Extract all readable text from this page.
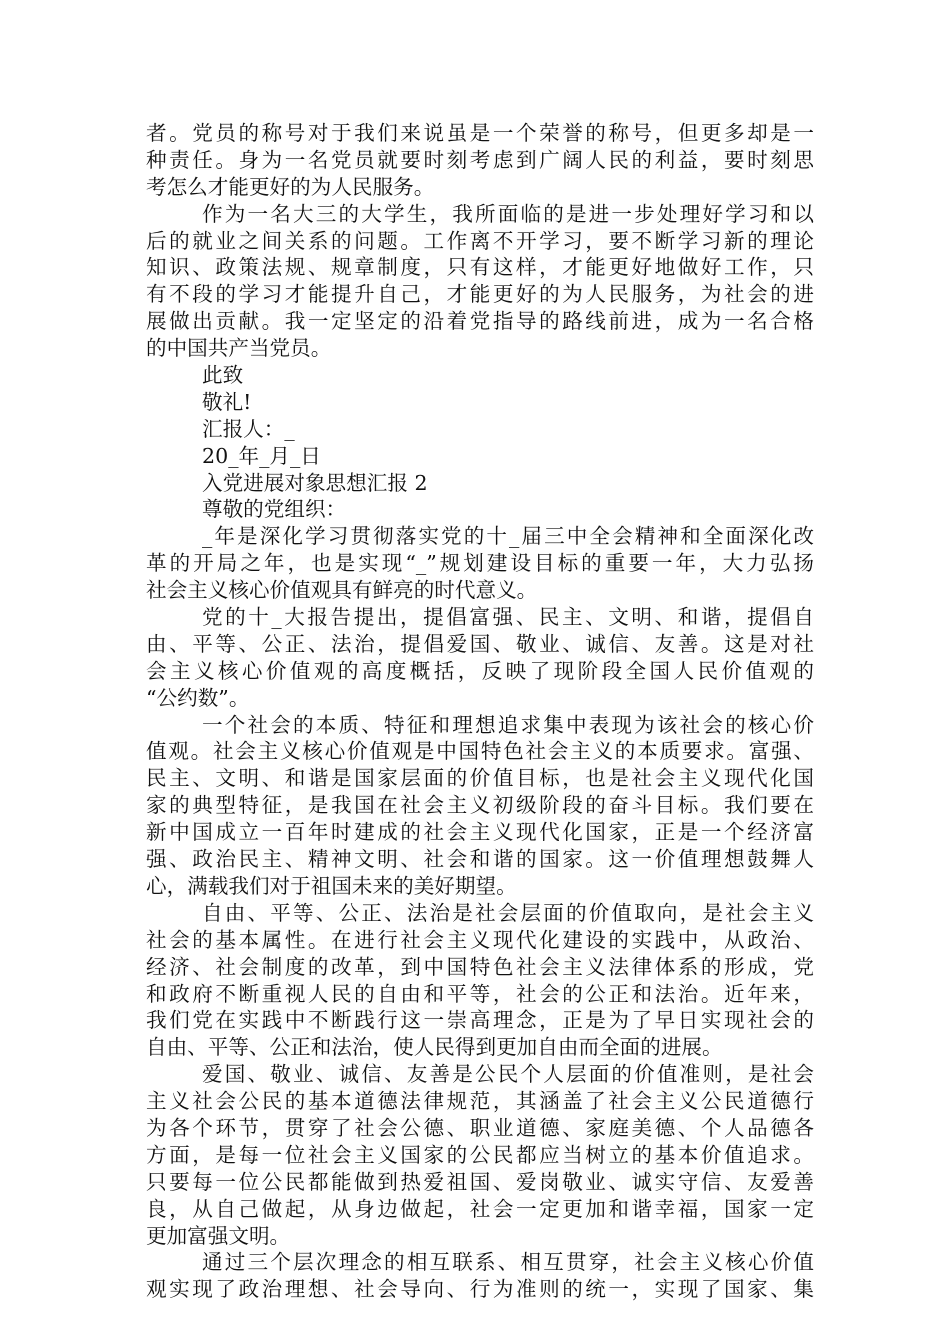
者。党员的称号对于我们来说虽是一个荣誉的称号，但更多却是一
种责任。身为一名党员就要时刻考虑到广阔人民的利益，要时刻思
考怎么才能更好的为人民服务。
作为一名大三的大学生，我所面临的是进一步处理好学习和以
后的就业之间关系的问题。工作离不开学习，要不断学习新的理论
知识、政策法规、规章制度，只有这样，才能更好地做好工作，只
有不段的学习才能提升自己，才能更好的为人民服务，为社会的进
展做出贡献。我一定坚定的沿着党指导的路线前进，成为一名合格
的中国共产当党员。
此致
敬礼!
汇报人：_
20_年_月_日
入党进展对象思想汇报 2
尊敬的党组织：
_年是深化学习贯彻落实党的十_届三中全会精神和全面深化改
革的开局之年，也是实现“_”规划建设目标的重要一年，大力弘扬
社会主义核心价值观具有鲜亮的时代意义。
党的十_大报告提出，提倡富强、民主、文明、和谐，提倡自
由、平等、公正、法治，提倡爱国、敬业、诚信、友善。这是对社
会主义核心价值观的高度概括，反映了现阶段全国人民价值观的
“公约数”。
一个社会的本质、特征和理想追求集中表现为该社会的核心价
值观。社会主义核心价值观是中国特色社会主义的本质要求。富强、
民主、文明、和谐是国家层面的价值目标，也是社会主义现代化国
家的典型特征，是我国在社会主义初级阶段的奋斗目标。我们要在
新中国成立一百年时建成的社会主义现代化国家，正是一个经济富
强、政治民主、精神文明、社会和谐的国家。这一价值理想鼓舞人
心，满载我们对于祖国未来的美好期望。
自由、平等、公正、法治是社会层面的价值取向，是社会主义
社会的基本属性。在进行社会主义现代化建设的实践中，从政治、
经济、社会制度的改革，到中国特色社会主义法律体系的形成，党
和政府不断重视人民的自由和平等，社会的公正和法治。近年来，
我们党在实践中不断践行这一崇高理念，正是为了早日实现社会的
自由、平等、公正和法治，使人民得到更加自由而全面的进展。
爱国、敬业、诚信、友善是公民个人层面的价值准则，是社会
主义社会公民的基本道德法律规范，其涵盖了社会主义公民道德行
为各个环节，贯穿了社会公德、职业道德、家庭美德、个人品德各
方面，是每一位社会主义国家的公民都应当树立的基本价值追求。
只要每一位公民都能做到热爱祖国、爱岗敬业、诚实守信、友爱善
良，从自己做起，从身边做起，社会一定更加和谐幸福，国家一定
更加富强文明。
通过三个层次理念的相互联系、相互贯穿，社会主义核心价值
观实现了政治理想、社会导向、行为准则的统一，实现了国家、集
